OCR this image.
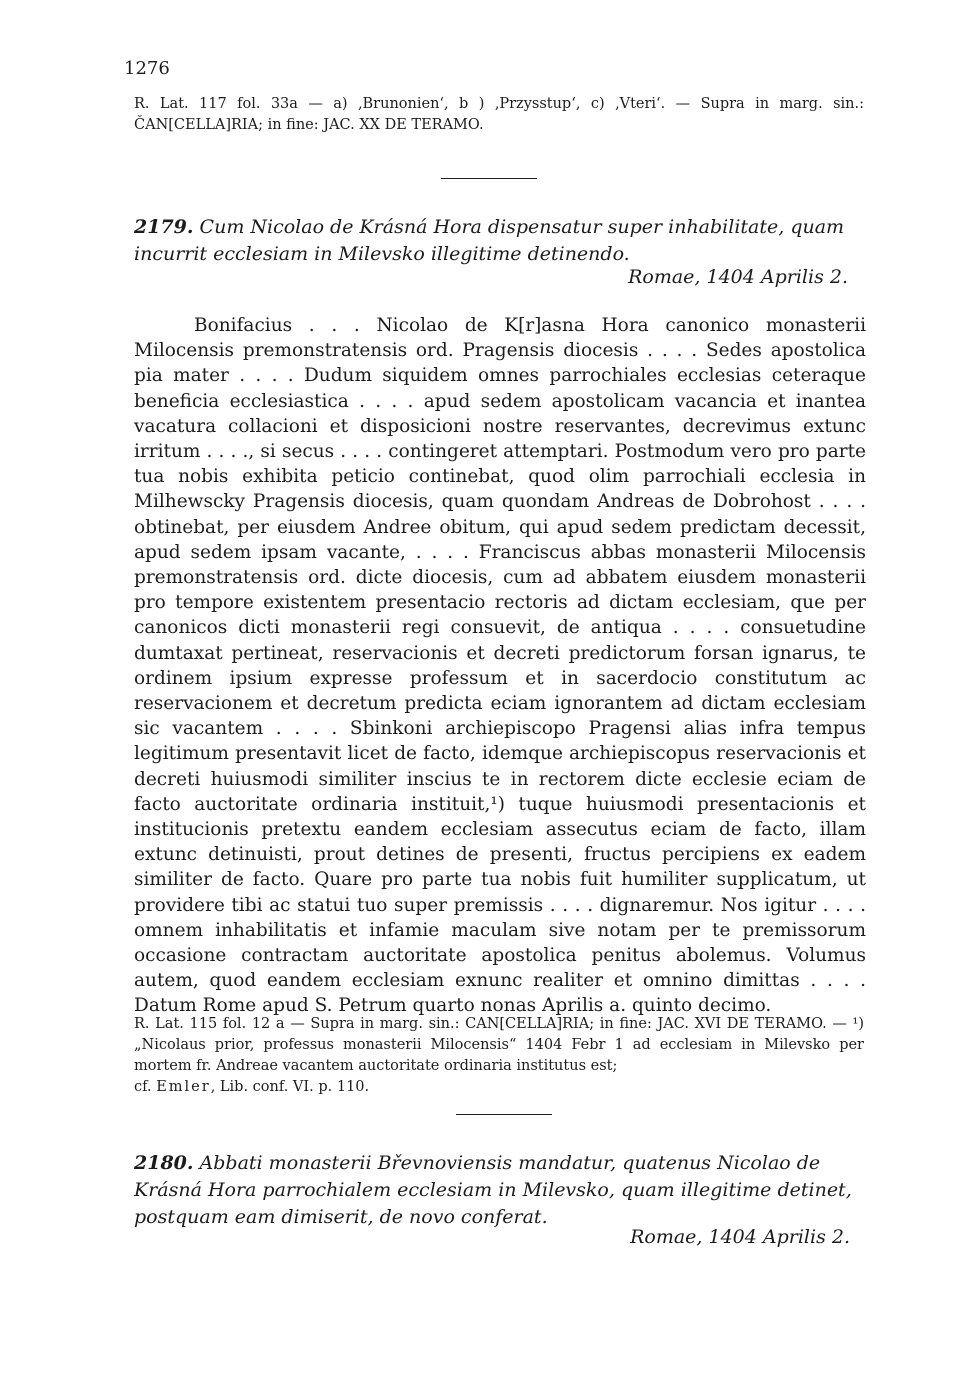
1276

R. Lat. 117 fol. 33a — a) ‚Brunonien‘, b ) ‚Przysstup‘, c) ‚Vteri‘. — Supra in marg. sin.: ČAN[CELLA]RIA; in fine: JAC. XX DE TERAMO.

2179. Cum Nicolao de Krásná Hora dispensatur super inhabilitate, quam incurrit ecclesiam in Milevsko illegitime detinendo.

Romae, 1404 Aprilis 2.

Bonifacius . . . Nicolao de K[r]asna Hora canonico monasterii Milocensis premonstratensis ord. Pragensis diocesis . . . . Sedes apostolica pia mater . . . . Dudum siquidem omnes parrochiales ecclesias ceteraque beneficia ecclesiastica . . . . apud sedem apostolicam vacancia et inantea vacatura collacioni et disposicioni nostre reservantes, decrevimus extunc irritum . . . ., si secus . . . . contingeret attemptari. Postmodum vero pro parte tua nobis exhibita peticio continebat, quod olim parrochiali ecclesia in Milhewscky Pragensis diocesis, quam quondam Andreas de Dobrohost . . . . obtinebat, per eiusdem Andree obitum, qui apud sedem predictam decessit, apud sedem ipsam vacante, . . . . Franciscus abbas monasterii Milocensis premonstratensis ord. dicte diocesis, cum ad abbatem eiusdem monasterii pro tempore existentem presentacio rectoris ad dictam ecclesiam, que per canonicos dicti monasterii regi consuevit, de antiqua . . . . consuetudine dumtaxat pertineat, reservacionis et decreti predictorum forsan ignarus, te ordinem ipsium expresse professum et in sacerdocio constitutum ac reservacionem et decretum predicta eciam ignorantem ad dictam ecclesiam sic vacantem . . . . Sbinkoni archiepiscopo Pragensi alias infra tempus legitimum presentavit licet de facto, idemque archiepiscopus reservacionis et decreti huiusmodi similiter inscius te in rectorem dicte ecclesie eciam de facto auctoritate ordinaria instituit,¹) tuque huiusmodi presentacionis et institucionis pretextu eandem ecclesiam assecutus eciam de facto, illam extunc detinuisti, prout detines de presenti, fructus percipiens ex eadem similiter de facto. Quare pro parte tua nobis fuit humiliter supplicatum, ut providere tibi ac statui tuo super premissis . . . . dignaremur. Nos igitur . . . . omnem inhabilitatis et infamie maculam sive notam per te premissorum occasione contractam auctoritate apostolica penitus abolemus. Volumus autem, quod eandem ecclesiam exnunc realiter et omnino dimittas . . . . Datum Rome apud S. Petrum quarto nonas Aprilis a. quinto decimo.

R. Lat. 115 fol. 12 a — Supra in marg. sin.: CAN[CELLA]RIA; in fine: JAC. XVI DE TERAMO. — ¹) „Nicolaus prior, professus monasterii Milocensis“ 1404 Febr 1 ad ecclesiam in Milevsko per mortem fr. Andreae vacantem auctoritate ordinaria institutus est;

cf. Emler, Lib. conf. VI. p. 110.

2180. Abbati monasterii Břevnoviensis mandatur, quatenus Nicolao de Krásná Hora parrochialem ecclesiam in Milevsko, quam illegitime detinet, postquam eam dimiserit, de novo conferat.

Romae, 1404 Aprilis 2.
